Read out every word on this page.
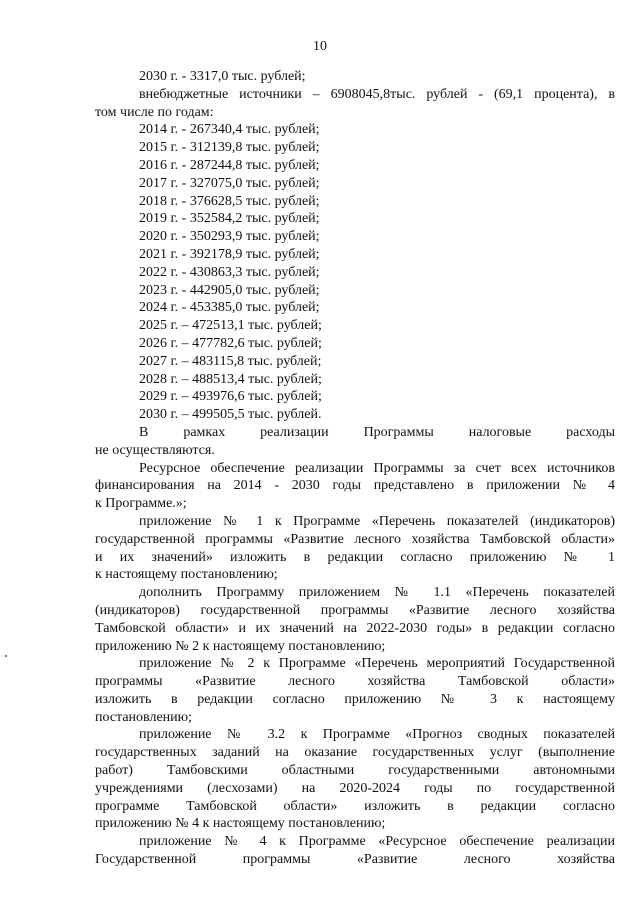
10
2030 г. - 3317,0 тыс. рублей;
внебюджетные источники – 6908045,8тыс. рублей - (69,1 процента), в
том числе по годам:
2014 г. - 267340,4 тыс. рублей;
2015 г. - 312139,8 тыс. рублей;
2016 г. - 287244,8 тыс. рублей;
2017 г. - 327075,0 тыс. рублей;
2018 г. - 376628,5 тыс. рублей;
2019 г. - 352584,2 тыс. рублей;
2020 г. - 350293,9 тыс. рублей;
2021 г. - 392178,9 тыс. рублей;
2022 г. - 430863,3 тыс. рублей;
2023 г. - 442905,0 тыс. рублей;
2024 г. - 453385,0 тыс. рублей;
2025 г. – 472513,1 тыс. рублей;
2026 г. – 477782,6 тыс. рублей;
2027 г. – 483115,8 тыс. рублей;
2028 г. – 488513,4 тыс. рублей;
2029 г. – 493976,6 тыс. рублей;
2030 г. – 499505,5 тыс. рублей.
В рамках реализации Программы налоговые расходы
не осуществляются.
Ресурсное обеспечение реализации Программы за счет всех источников
финансирования на 2014 - 2030 годы представлено в приложении № 4
к Программе.»;
приложение № 1 к Программе «Перечень показателей (индикаторов)
государственной программы «Развитие лесного хозяйства Тамбовской области»
и их значений» изложить в редакции согласно приложению № 1
к настоящему постановлению;
дополнить Программу приложением № 1.1 «Перечень показателей
(индикаторов) государственной программы «Развитие лесного хозяйства
Тамбовской области» и их значений на 2022-2030 годы» в редакции согласно
приложению № 2 к настоящему постановлению;
приложение № 2 к Программе «Перечень мероприятий Государственной
программы «Развитие лесного хозяйства Тамбовской области»
изложить в редакции согласно приложению № 3 к настоящему
постановлению;
приложение № 3.2 к Программе «Прогноз сводных показателей
государственных заданий на оказание государственных услуг (выполнение
работ) Тамбовскими областными государственными автономными
учреждениями (лесхозами) на 2020-2024 годы по государственной
программе Тамбовской области» изложить в редакции согласно
приложению № 4 к настоящему постановлению;
приложение № 4 к Программе «Ресурсное обеспечение реализации
Государственной программы «Развитие лесного хозяйства
